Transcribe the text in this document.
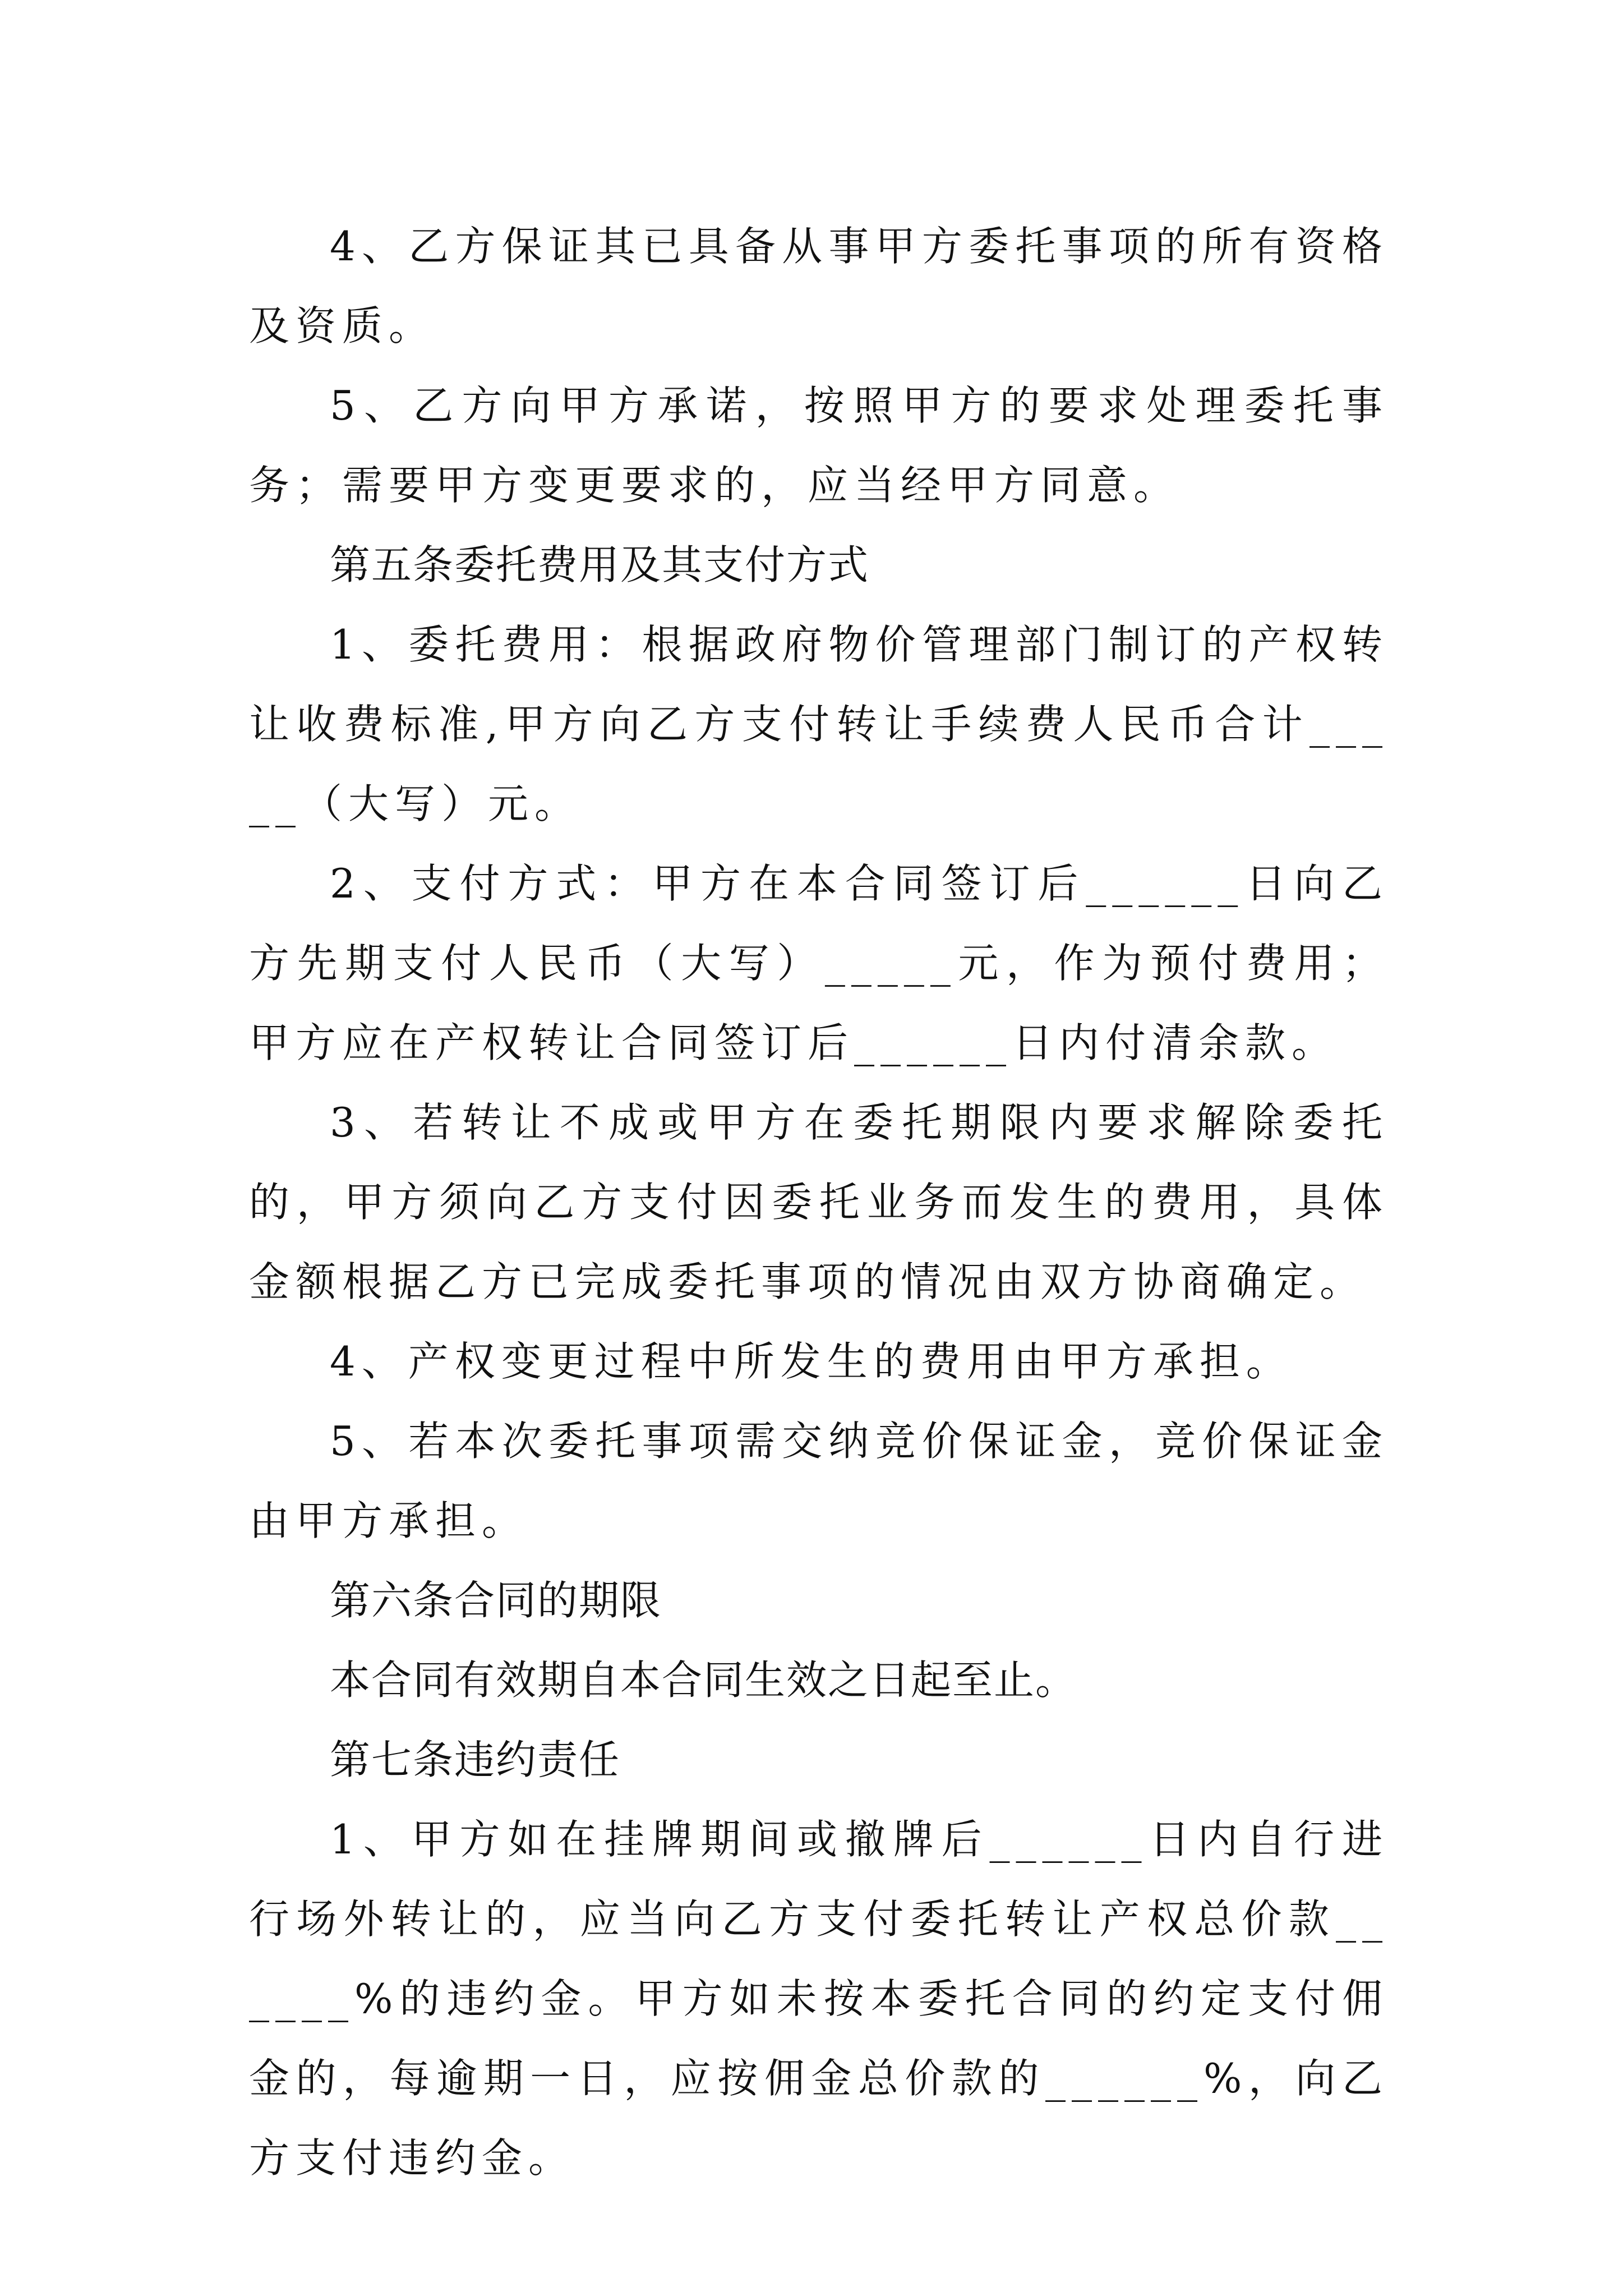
4、乙方保证其已具备从事甲方委托事项的所有资格及资质。

5、乙方向甲方承诺，按照甲方的要求处理委托事务；需要甲方变更要求的，应当经甲方同意。

第五条委托费用及其支付方式

1、委托费用：根据政府物价管理部门制订的产权转让收费标准,甲方向乙方支付转让手续费人民币合计_____（大写）元。

2、支付方式：甲方在本合同签订后______日向乙方先期支付人民币（大写）_____元，作为预付费用；甲方应在产权转让合同签订后______日内付清余款。

3、若转让不成或甲方在委托期限内要求解除委托的，甲方须向乙方支付因委托业务而发生的费用，具体金额根据乙方已完成委托事项的情况由双方协商确定。

4、产权变更过程中所发生的费用由甲方承担。

5、若本次委托事项需交纳竞价保证金，竞价保证金由甲方承担。

第六条合同的期限

本合同有效期自本合同生效之日起至止。

第七条违约责任

1、甲方如在挂牌期间或撤牌后______日内自行进行场外转让的，应当向乙方支付委托转让产权总价款______%的违约金。甲方如未按本委托合同的约定支付佣金的，每逾期一日，应按佣金总价款的______%，向乙方支付违约金。
